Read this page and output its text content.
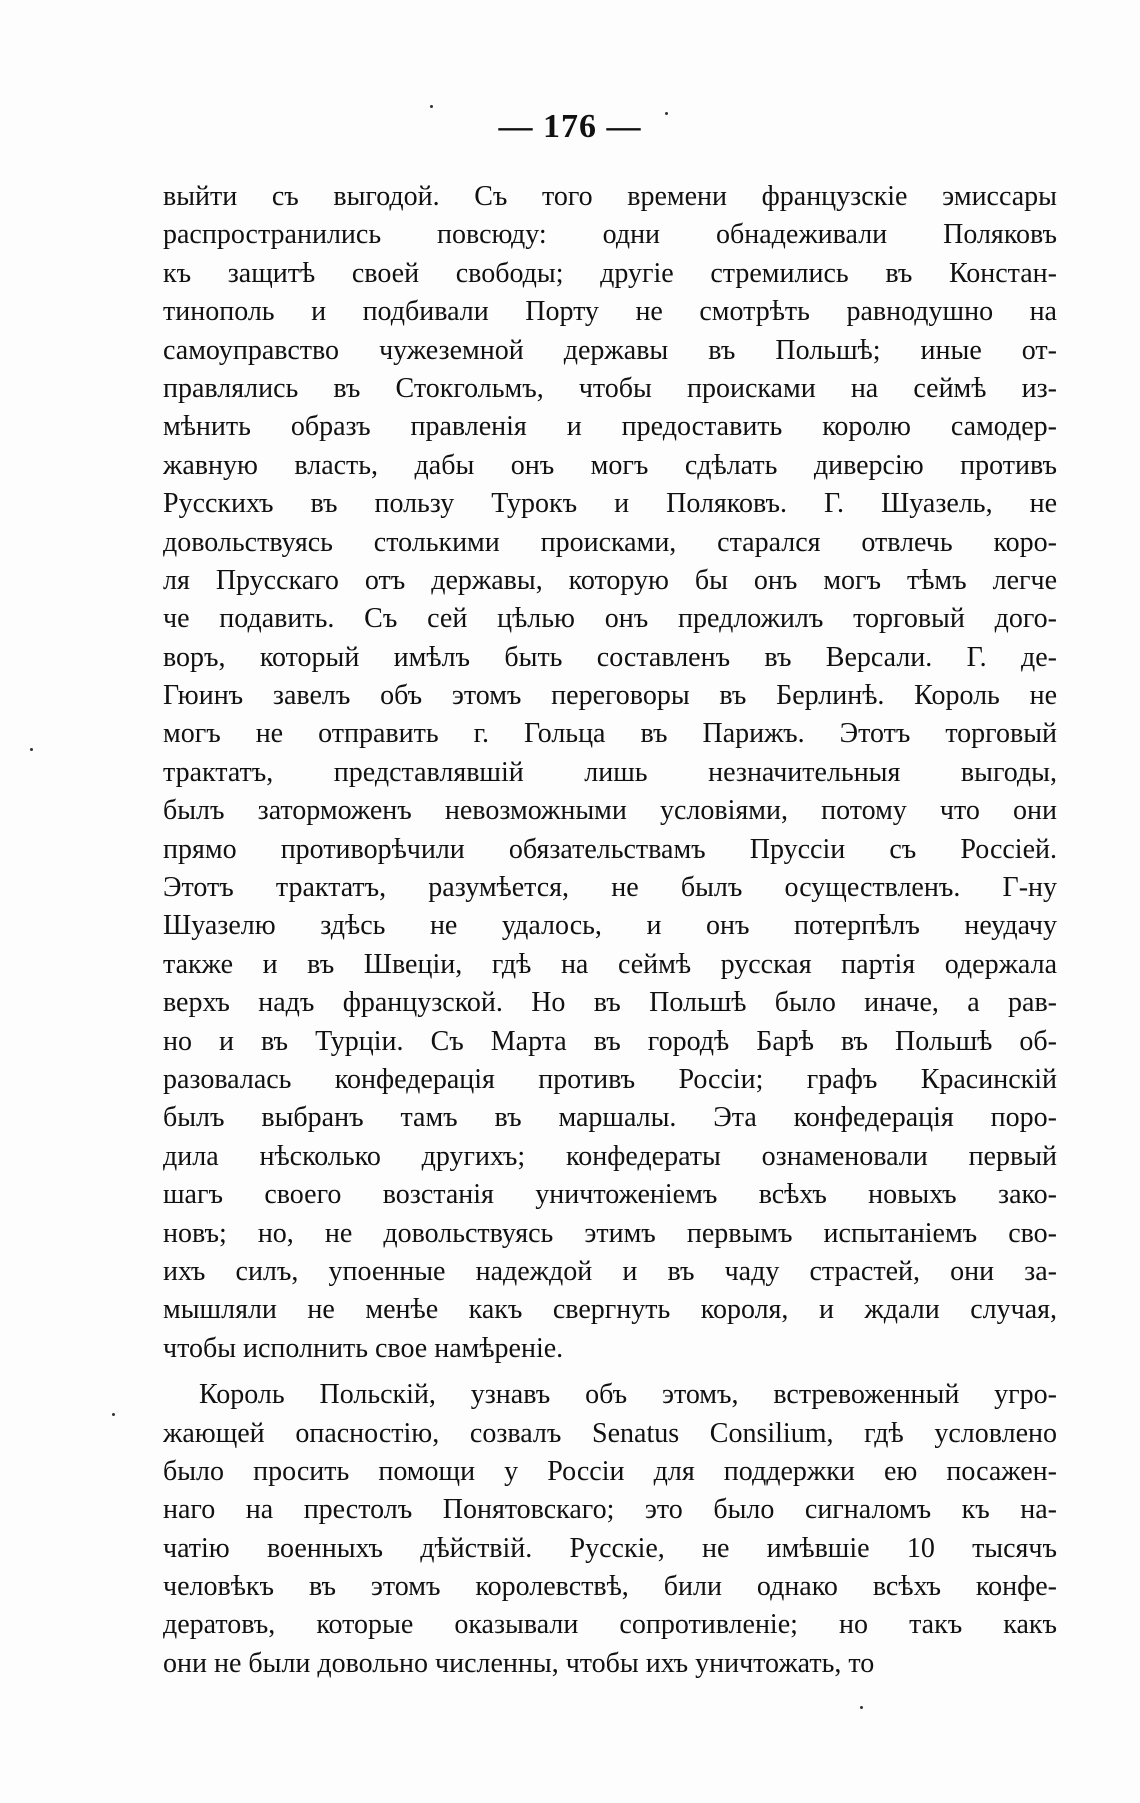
— 176 —
выйти съ выгодой. Съ того времени французскіе эмиссары
распространились повсюду: одни обнадеживали Поляковъ
къ защитѣ своей свободы; другіе стремились въ Констан-
тинополь и подбивали Порту не смотрѣть равнодушно на
самоуправство чужеземной державы въ Польшѣ; иные от-
правлялись въ Стокгольмъ, чтобы происками на сеймѣ из-
мѣнить образъ правленія и предоставить королю самодер-
жавную власть, дабы онъ могъ сдѣлать диверсію противъ
Русскихъ въ пользу Турокъ и Поляковъ. Г. Шуазель, не
довольствуясь столькими происками, старался отвлечь коро-
ля Прусскаго отъ державы, которую бы онъ могъ тѣмъ легче
че подавить. Съ сей цѣлью онъ предложилъ торговый дого-
воръ, который имѣлъ быть составленъ въ Версали. Г. де-
Гюинъ завелъ объ этомъ переговоры въ Берлинѣ. Король не
могъ не отправить г. Гольца въ Парижъ. Этотъ торговый
трактатъ, представлявшій лишь незначительныя выгоды,
былъ заторможенъ невозможными условіями, потому что они
прямо противорѣчили обязательствамъ Пруссіи съ Россіей.
Этотъ трактатъ, разумѣется, не былъ осуществленъ. Г-ну
Шуазелю здѣсь не удалось, и онъ потерпѣлъ неудачу
также и въ Швеціи, гдѣ на сеймѣ русская партія одержала
верхъ надъ французской. Но въ Польшѣ было иначе, а рав-
но и въ Турціи. Съ Марта въ городѣ Барѣ въ Польшѣ об-
разовалась конфедерація противъ Россіи; графъ Красинскій
былъ выбранъ тамъ въ маршалы. Эта конфедерація поро-
дила нѣсколько другихъ; конфедераты ознаменовали первый
шагъ своего возстанія уничтоженіемъ всѣхъ новыхъ зако-
новъ; но, не довольствуясь этимъ первымъ испытаніемъ сво-
ихъ силъ, упоенные надеждой и въ чаду страстей, они за-
мышляли не менѣе какъ свергнуть короля, и ждали случая,
чтобы исполнить свое намѣреніе.
Король Польскій, узнавъ объ этомъ, встревоженный угро-
жающей опасностію, созвалъ Senatus Consilium, гдѣ условлено
было просить помощи у Россіи для поддержки ею посажен-
наго на престолъ Понятовскаго; это было сигналомъ къ на-
чатію военныхъ дѣйствій. Русскіе, не имѣвшіе 10 тысячъ
человѣкъ въ этомъ королевствѣ, били однако всѣхъ конфе-
дератовъ, которые оказывали сопротивленіе; но такъ какъ
они не были довольно численны, чтобы ихъ уничтожать, то
